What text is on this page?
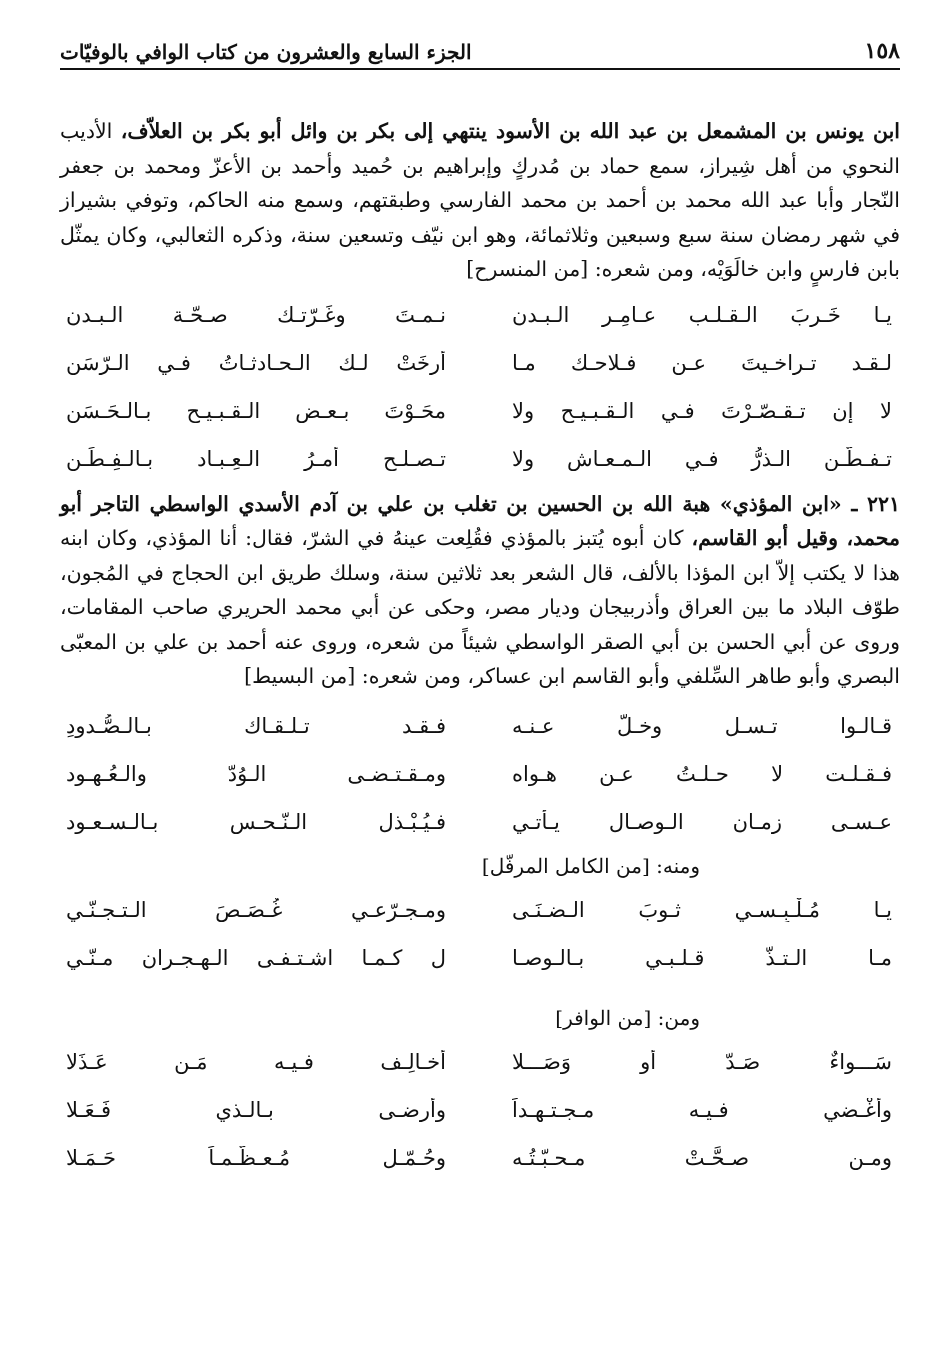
١٥٨
الجزء السابع والعشرون من كتاب الوافي بالوفيّات

ابن يونس بن المشمعل بن عبد الله بن الأسود ينتهي إلى بكر بن وائل أبو بكر بن العلاّف، الأديب النحوي من أهل شِيراز، سمع حماد بن مُدركٍ وإبراهيم بن حُميد وأحمد بن الأعزّ ومحمد بن جعفر النّجار وأبا عبد الله محمد بن أحمد بن محمد الفارسي وطبقتهم، وسمع منه الحاكم، وتوفي بشيراز في شهر رمضان سنة سبع وسبعين وثلاثمائة، وهو ابن نيّف وتسعين سنة، وذكره الثعالبي، وكان يمثّل بابن فارسٍ وابن خالَوَيْه، ومن شعره: [من المنسرح]

يـا خَـرِبَ الـقـلـب عـامِـر الـبـدن
نـمـتَ وغَـرّتـك صـحّـة الـبـدنِ
لـقـد تـراخـيتَ عـن فـلاحـك مـا
أرخَتْ لـك الـحـادثـاتُ فـي الـرّسَن
لا إن تـقـصّـرْتَ فـي الـقـبـيـح ولا
محَـوْتَ بـعـض الـقـبـيـح بـالـحَـسَن
تـفـطّـن الـذرُّ فـي الـمـعـاش ولا
تـصـلـح أمـرُ الـعِـبـاد بـالـفِـطَـن

٢٢١ ـ «ابن المؤذي» هبة الله بن الحسين بن تغلب بن علي بن آدم الأسدي الواسطي التاجر أبو محمد، وقيل أبو القاسم، كان أبوه يُتبز بالمؤذي فقُلِعت عينهُ في الشرّ، فقال: أنا المؤذي، وكان ابنه هذا لا يكتب إلاّ ابن المؤذا بالألف، قال الشعر بعد ثلاثين سنة، وسلك طريق ابن الحجاج في المُجون، طوّف البلاد ما بين العراق وأذربيجان وديار مصر، وحكى عن أبي محمد الحريري صاحب المقامات، وروى عن أبي الحسن بن أبي الصقر الواسطي شيئاً من شعره، وروى عنه أحمد بن علي بن المعبّى البصري وأبو طاهر السِّلفي وأبو القاسم ابن عساكر، ومن شعره: [من البسيط]

قـالـوا تـسـل وخـلّ عـنـه
فـقـد تـلـقـاك بـالـصُّـدودِ
فـقـلـت لا حـلـتُ عـن هـواه
ومـقـتـضـى الـوُدّ والـعُـهـود
عـسـى زمـان الـوصـال يـأتـي
فـيُـبْـذل الـنّـحـس بـالـسـعـود
ومنه: [من الكامل المرفّل]
يـا مُـلْـبِـسـي ثـوبَ الـضـنَـى
ومـجـرّعـي غُـصَـصَ الـتـجـنّـي
مـا الـتـذّ قـلـبـي بـالـوصـا
ل كـمـا اشـتـفـى الـهِـجـران مـنّـي
ومن: [من الوافر]
سَـــواءٌ صَـدّ أو وَصَـــلا
أُخـالِـف فـيـه مَـن عَـذَلا
وأُغْـضي فـيـه مـجـتـهـداً
وأرضـى بـالـذي فَـعَـلا
ومـن صـحَّـتْ مـحـبّـتُـه
وحُـمّـل مُـعـظّـمـاً حَـمَـلا
